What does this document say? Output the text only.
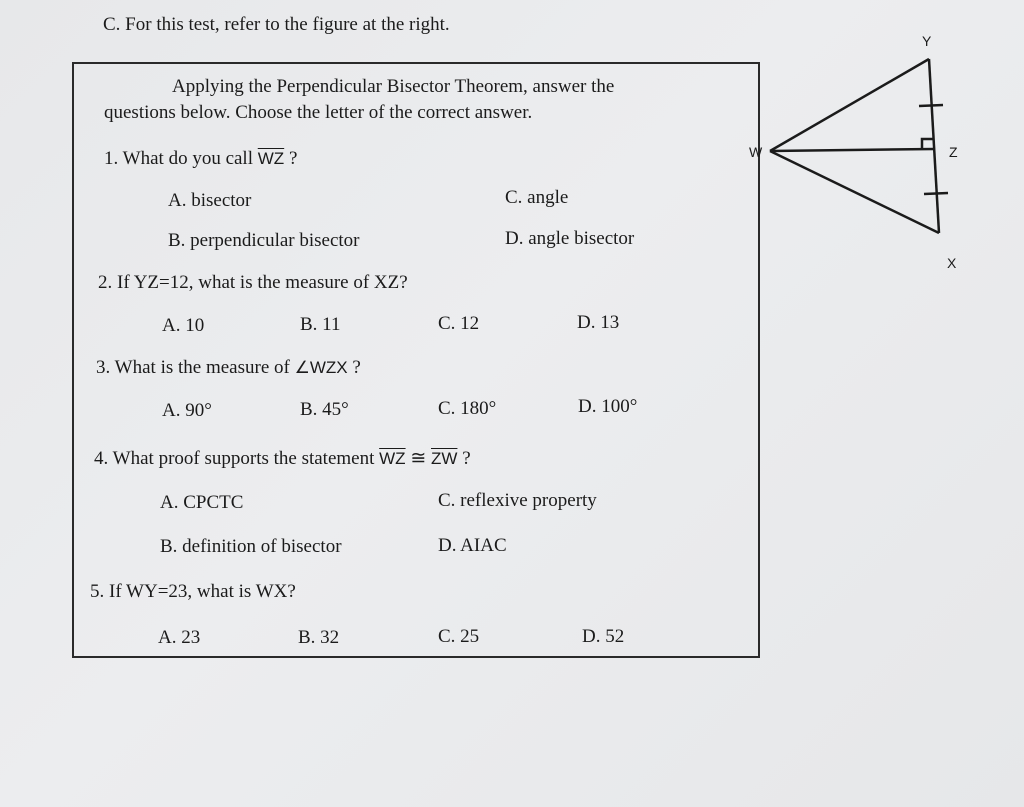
C. For this test, refer to the figure at the right.
Applying the Perpendicular Bisector Theorem, answer the
questions below. Choose the letter of the correct answer.
1. What do you call $\overline{WZ}$ ?
A. bisector	C. angle
B. perpendicular bisector	D. angle bisector
2. If YZ=12, what is the measure of XZ?
A. 10	B. 11	C. 12	D. 13
3. What is the measure of ∠WZX ?
A. 90°	B. 45°	C. 180°	D. 100°
4. What proof supports the statement $\overline{WZ}$ ≅ $\overline{ZW}$ ?
A. CPCTC	C. reflexive property
B. definition of bisector	D. AIAC
5. If WY=23, what is WX?
A. 23	B. 32	C. 25	D. 52
Y
W	Z
X
